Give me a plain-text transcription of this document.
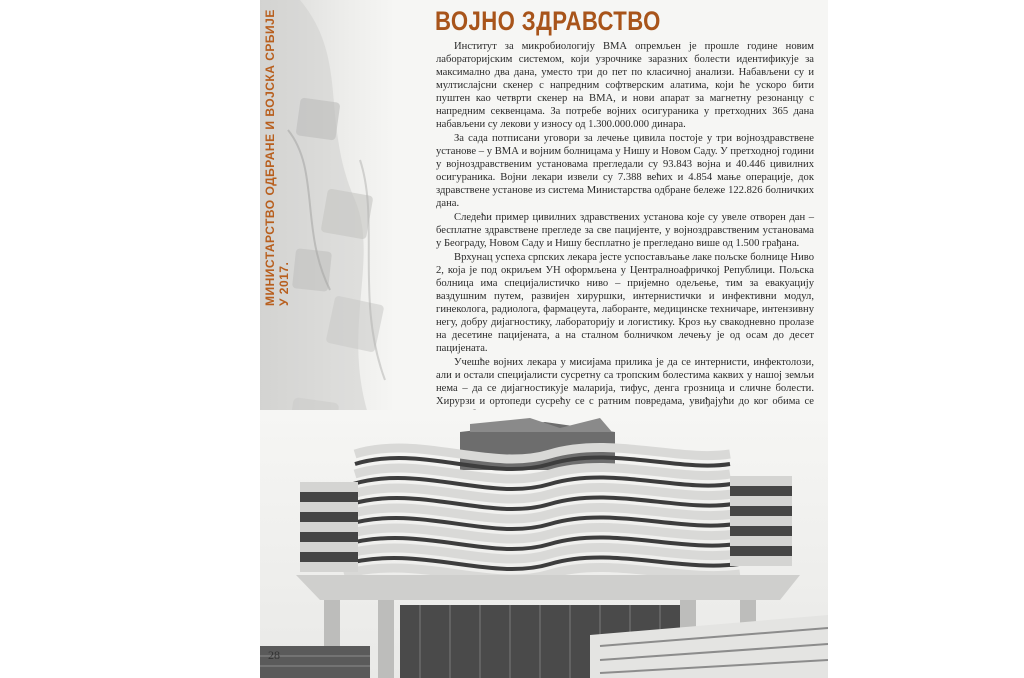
МИНИСТАРСТВО ОДБРАНЕ И ВОЈСКА СРБИЈЕ У 2017.
ВОЈНО ЗДРАВСТВО

Институт за микробиологију ВМА опремљен је прошле године новим лабораторијским системом, који узрочнике заразних болести идентификује за максимално два дана, уместо три до пет по класичној анализи. Набављени су и мултислајсни скенер с напредним софтверским алатима, који ће ускоро бити пуштен као четврти скенер на ВМА, и нови апарат за магнетну резонанцу с напредним секвенцама. За потребе војних осигураника у претходних 365 дана набављени су лекови у износу од 1.300.000.000 динара.

За сада потписани уговори за лечење цивила постоје у три војноздравствене установе – у ВМА и војним болницама у Нишу и Новом Саду. У претходној години у војноздравственим установама прегледали су 93.843 војна и 40.446 цивилних осигураника. Војни лекари извели су 7.388 већих и 4.854 мање операције, док здравствене установе из система Министарства одбране бележе 122.826 болничких дана.

Следећи пример цивилних здравствених установа које су увеле отворен дан – бесплатне здравствене прегледе за све пацијенте, у војноздравственим установама у Београду, Новом Саду и Нишу бесплатно је прегледано више од 1.500 грађана.

Врхунац успеха српских лекара јесте успостављање лаке пољске болнице Ниво 2, која је под окриљем УН оформљена у Централноафричкој Републици. Пољска болница има специјалистичко ниво – пријемно одељење, тим за евакуацију ваздушним путем, развијен хируршки, интернистички и инфективни модул, гинеколога, радиолога, фармацеута, лаборанте, медицинске техничаре, интензивну негу, добру дијагностику, лабораторију и логистику. Кроз њу свакодневно пролазе на десетине пацијената, а на сталном болничком лечењу је од осам до десет пацијената.

Учешће војних лекара у мисијама прилика је да се интернисти, инфектолози, али и остали специјалисти сусретну са тропским болестима каквих у нашој земљи нема – да се дијагностикује маларија, тифус, денга грозница и сличне болести. Хирурзи и ортопеди сусрећу се с ратним повредама, увиђајући до ког обима се

28
